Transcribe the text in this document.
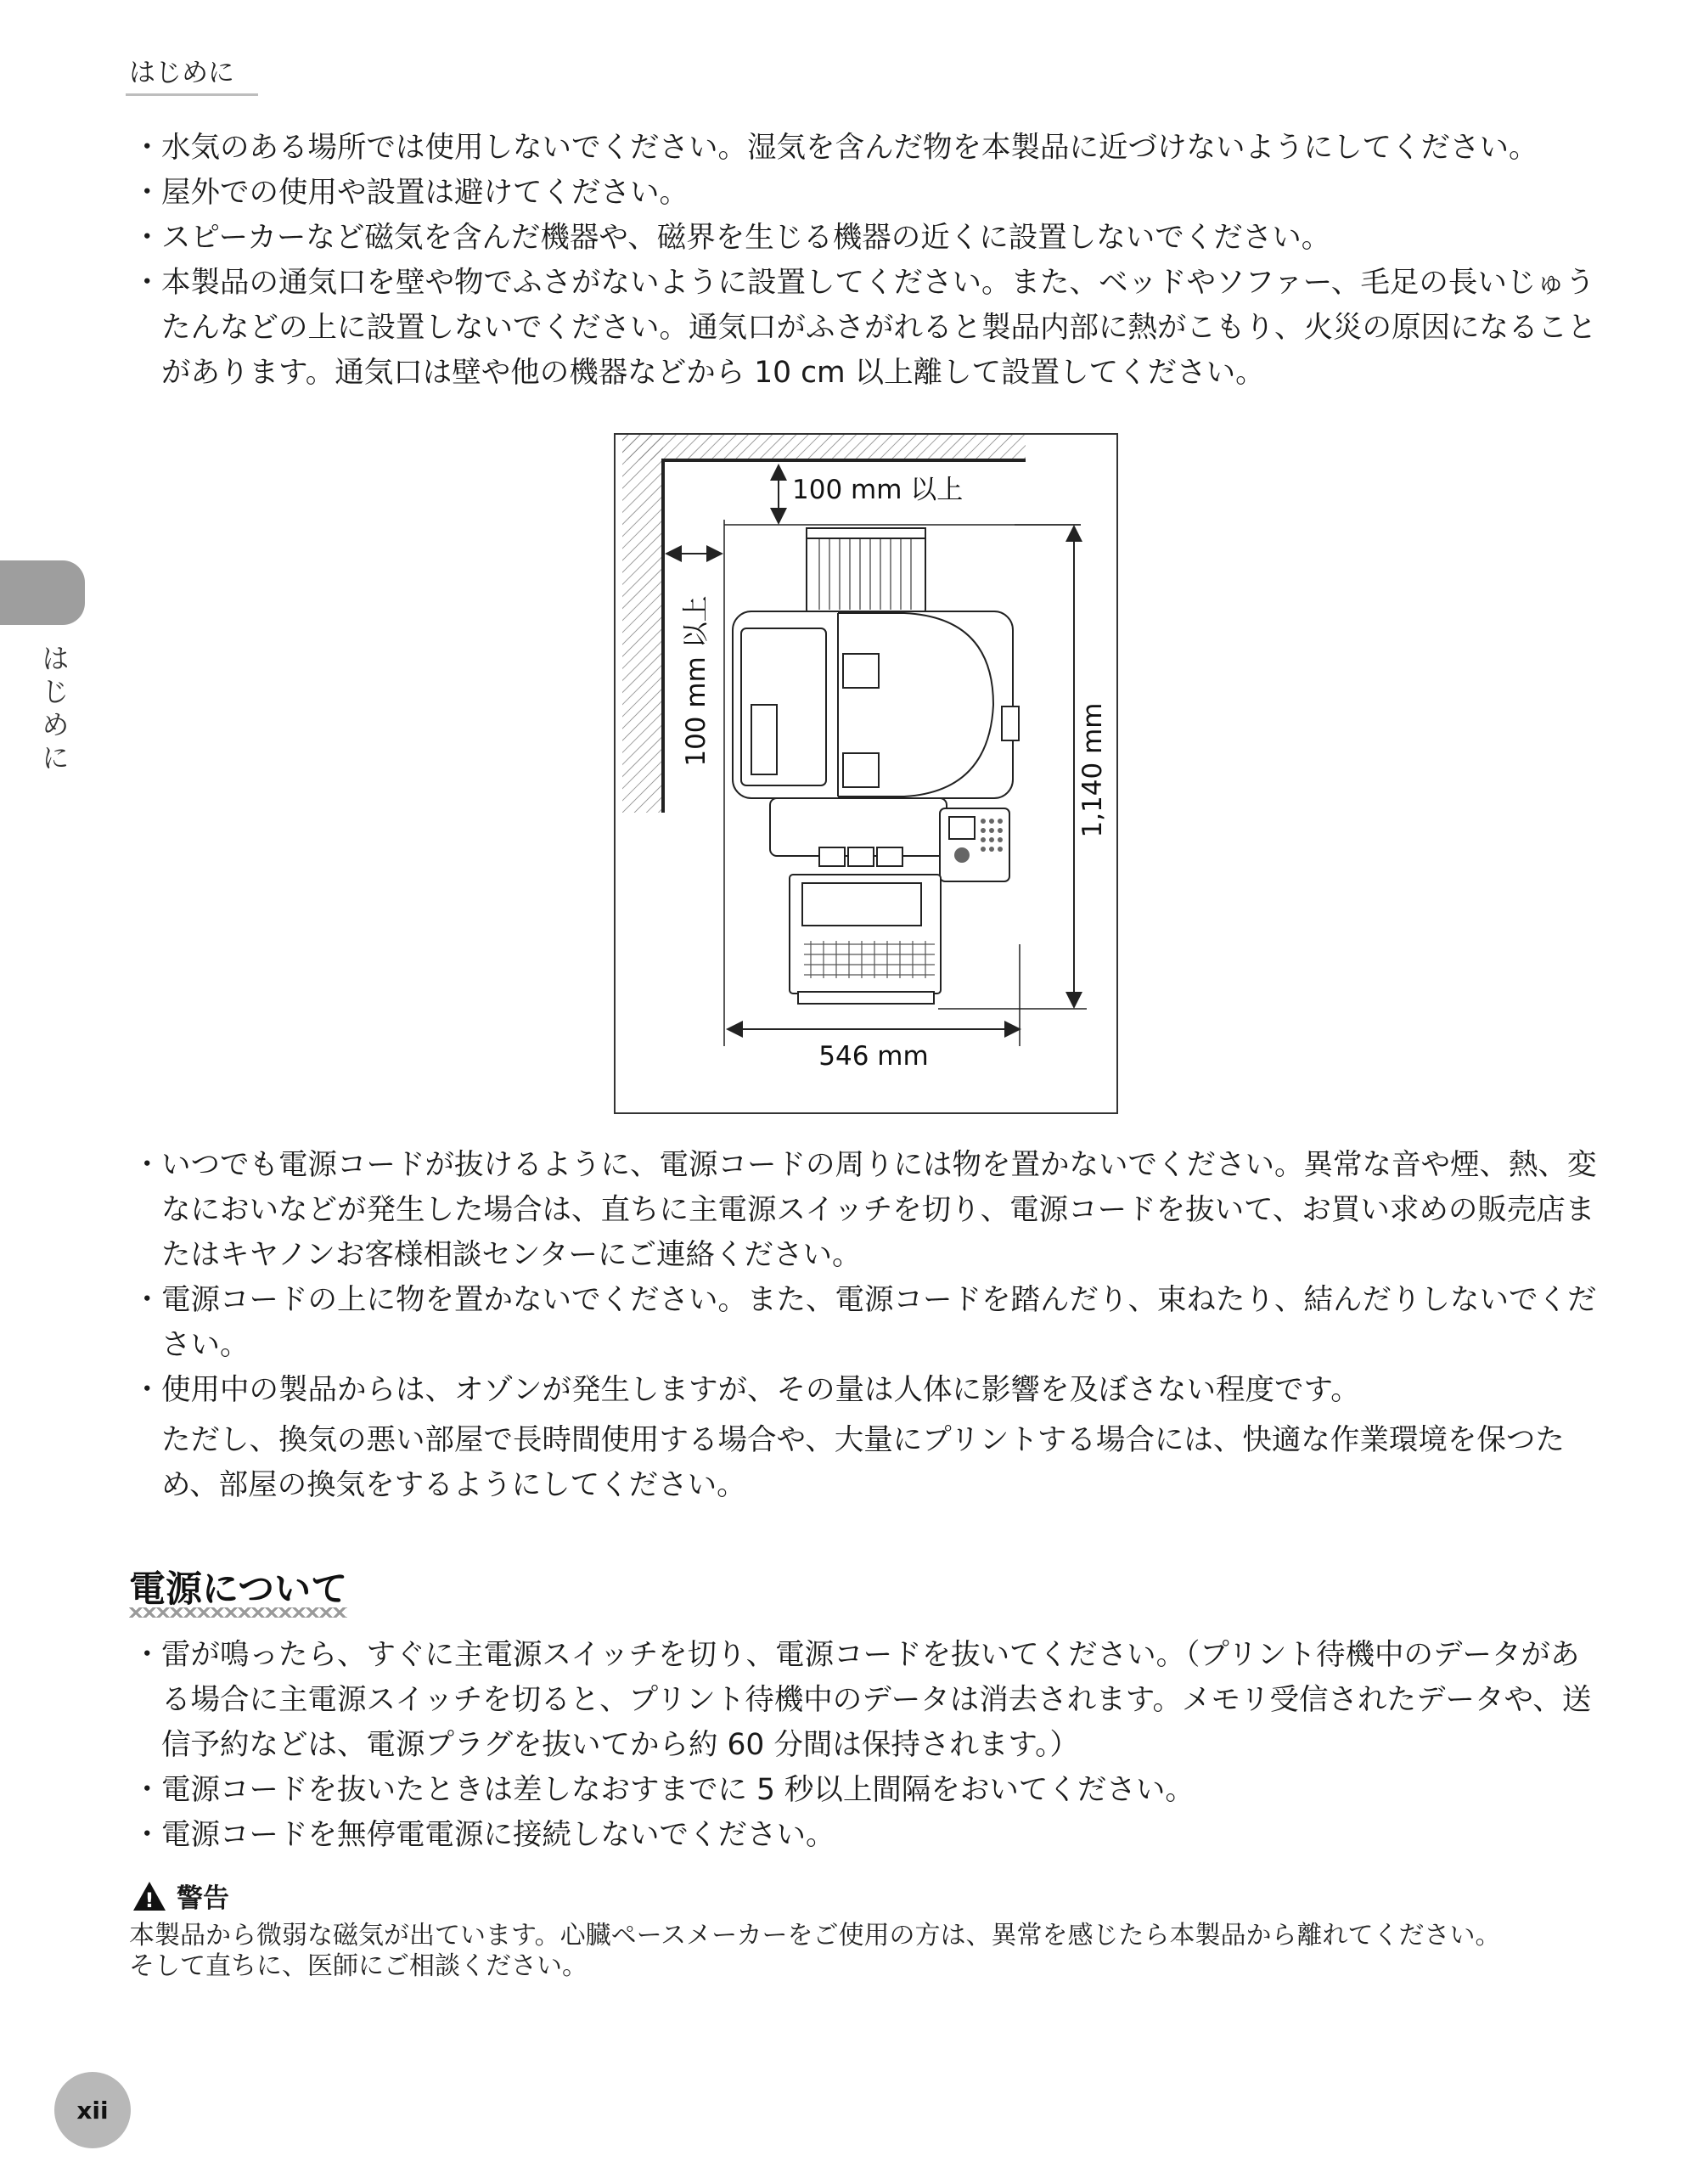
はじめに
はじめに
・ 水気のある場所では使用しないでください。湿気を含んだ物を本製品に近づけないようにしてください。

・ 屋外での使用や設置は避けてください。

・ スピーカーなど磁気を含んだ機器や、磁界を生じる機器の近くに設置しないでください。

・ 本製品の通気口を壁や物でふさがないように設置してください。また、ベッドやソファー、毛足の長いじゅうたんなどの上に設置しないでください。通気口がふさがれると製品内部に熱がこもり、火災の原因になることがあります。通気口は壁や他の機器などから 10 cm 以上離して設置してください。

100 mm 以上
100 mm 以上
1,140 mm
546 mm
・ いつでも電源コードが抜けるように、電源コードの周りには物を置かないでください。異常な音や煙、熱、変なにおいなどが発生した場合は、直ちに主電源スイッチを切り、電源コードを抜いて、お買い求めの販売店またはキヤノンお客様相談センターにご連絡ください。

・ 電源コードの上に物を置かないでください。また、電源コードを踏んだり、束ねたり、結んだりしないでください。

・ 使用中の製品からは、オゾンが発生しますが、その量は人体に影響を及ぼさない程度です。

ただし、換気の悪い部屋で長時間使用する場合や、大量にプリントする場合には、快適な作業環境を保つため、部屋の換気をするようにしてください。

電源について
・ 雷が鳴ったら、すぐに主電源スイッチを切り、電源コードを抜いてください。（プリント待機中のデータがある場合に主電源スイッチを切ると、プリント待機中のデータは消去されます。メモリ受信されたデータや、送信予約などは、電源プラグを抜いてから約 60 分間は保持されます。）

・ 電源コードを抜いたときは差しなおすまでに 5 秒以上間隔をおいてください。

・ 電源コードを無停電電源に接続しないでください。

! 警告

本製品から微弱な磁気が出ています。心臓ペースメーカーをご使用の方は、異常を感じたら本製品から離れてください。

そして直ちに、医師にご相談ください。

xii
